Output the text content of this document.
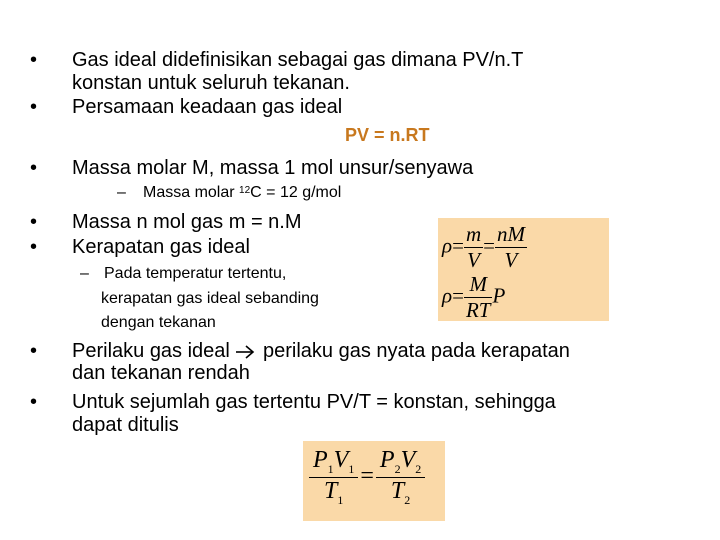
• Gas ideal didefinisikan sebagai gas dimana PV/n.T
konstan untuk seluruh tekanan.
• Persamaan keadaan gas ideal
PV = n.RT
• Massa molar M, massa 1 mol unsur/senyawa
– Massa molar $^{12}$C = 12 g/mol
• Massa n mol gas m = n.M
• Kerapatan gas ideal
– Pada temperatur tertentu,
kerapatan gas ideal sebanding
dengan tekanan
$\rho= \frac{m}{V} = \frac{nM}{V}$
$\rho= \frac{M}{RT}$ P
• Perilaku gas ideal perilaku gas nyata pada kerapatan
dan tekanan rendah
• Untuk sejumlah gas tertentu PV/T = konstan, sehingga
dapat ditulis
$\frac{P_1V_1}{T_1} = \frac{P_2V_2}{T_2}$
